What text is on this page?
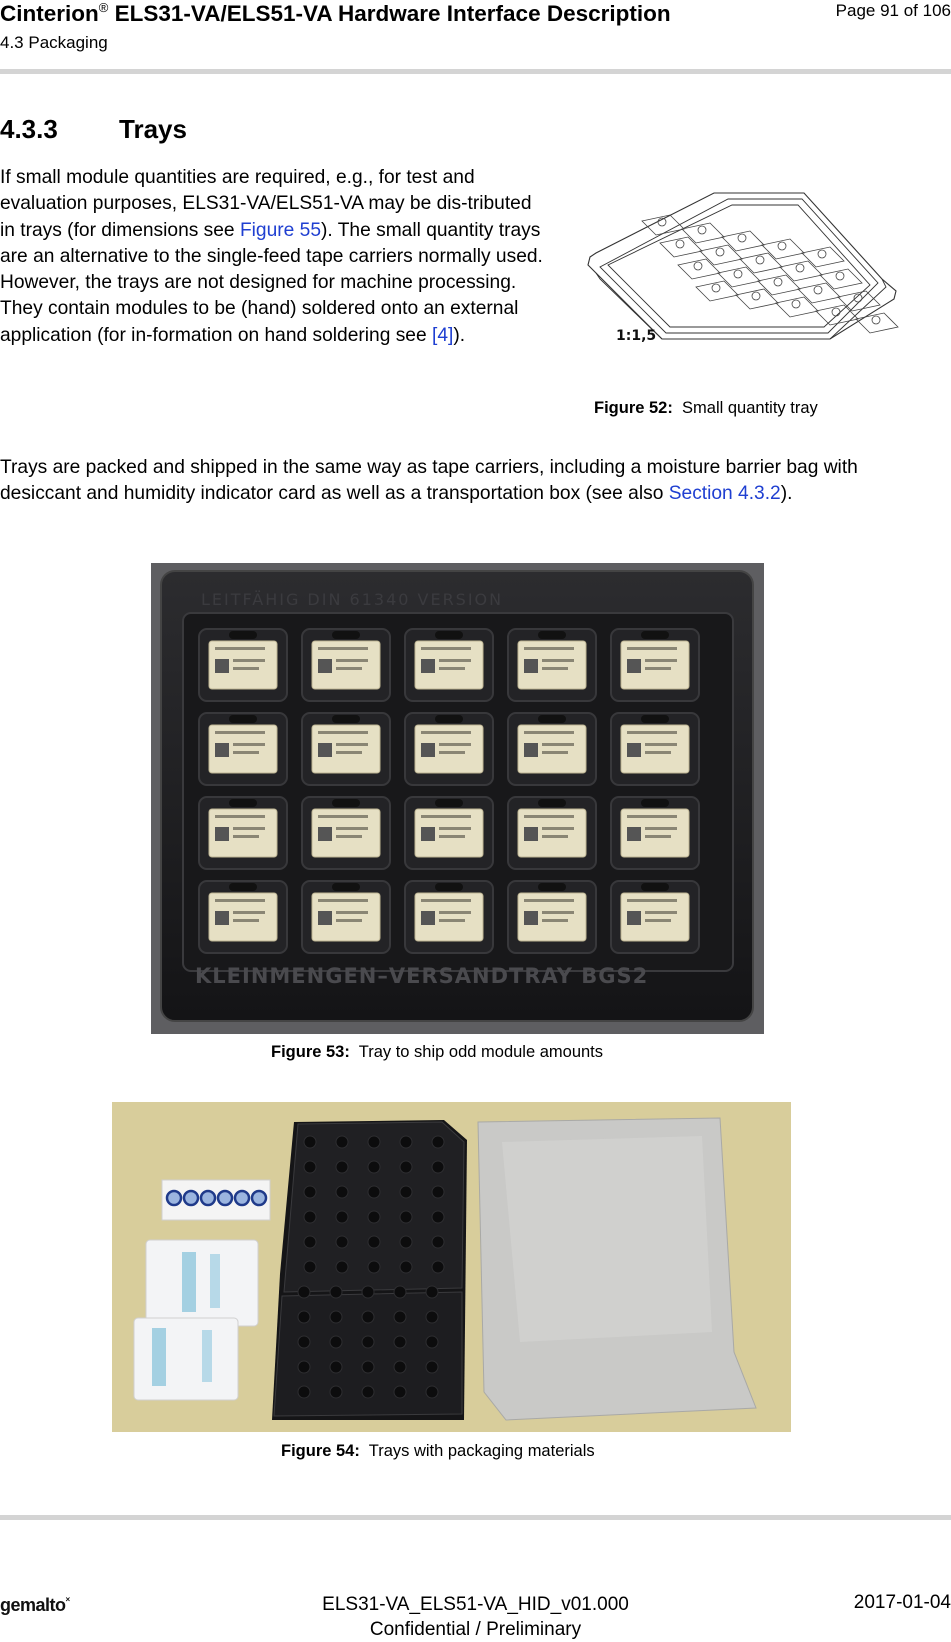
Cinterion® ELS31-VA/ELS51-VA Hardware Interface Description
4.3 Packaging
Page 91 of 106
4.3.3 Trays
If small module quantities are required, e.g., for test and evaluation purposes, ELS31-VA/ELS51-VA may be dis-tributed in trays (for dimensions see Figure 55). The small quantity trays are an alternative to the single-feed tape carriers normally used. However, the trays are not designed for machine processing. They contain modules to be (hand) soldered onto an external application (for in-formation on hand soldering see [4]).	1:1,5
Figure 52: Small quantity tray
Trays are packed and shipped in the same way as tape carriers, including a moisture barrier bag with desiccant and humidity indicator card as well as a transportation box (see also Section 4.3.2).
LEITFÄHIG DIN 61340 VERSION
KLEINMENGEN–VERSANDTRAY BGS2
Figure 53: Tray to ship odd module amounts
Figure 54: Trays with packaging materials
gemalto×	ELS31-VA_ELS51-VA_HID_v01.000
Confidential / Preliminary
2017-01-04
